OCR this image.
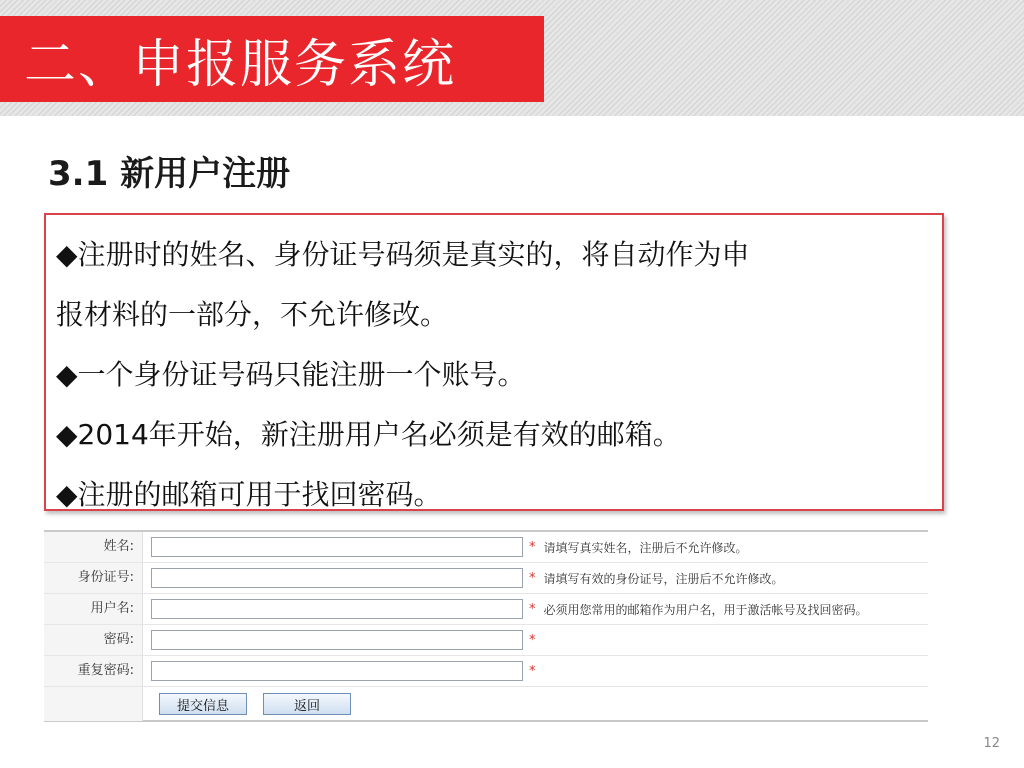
二、申报服务系统
3.1 新用户注册
◆注册时的姓名、身份证号码须是真实的，将自动作为申
报材料的一部分，不允许修改。
◆一个身份证号码只能注册一个账号。
◆2014年开始，新注册用户名必须是有效的邮箱。
◆注册的邮箱可用于找回密码。
姓名:	* 请填写真实姓名，注册后不允许修改。
身份证号:	* 请填写有效的身份证号，注册后不允许修改。
用户名:	* 必须用您常用的邮箱作为用户名，用于激活帐号及找回密码。
密码:	*
重复密码:	*
提交信息	返回
12
